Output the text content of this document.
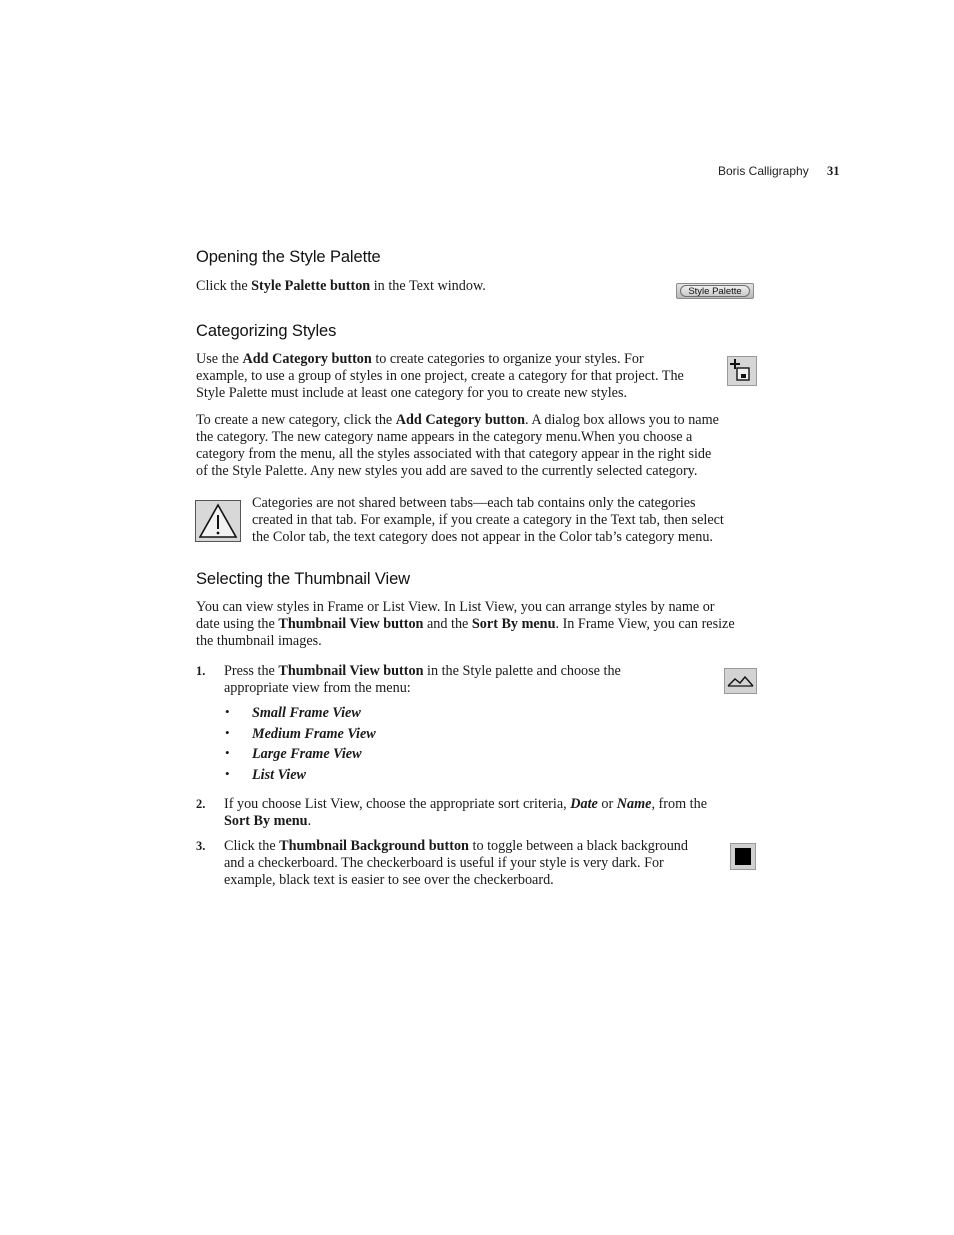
Boris Calligraphy 31
Opening the Style Palette
Click the Style Palette button in the Text window.	Style Palette
Categorizing Styles
Use the Add Category button to create categories to organize your styles. For
example, to use a group of styles in one project, create a category for that project. The
Style Palette must include at least one category for you to create new styles.
To create a new category, click the Add Category button. A dialog box allows you to name
the category. The new category name appears in the category menu.When you choose a
category from the menu, all the styles associated with that category appear in the right side
of the Style Palette. Any new styles you add are saved to the currently selected category.
Categories are not shared between tabs—each tab contains only the categories
created in that tab. For example, if you create a category in the Text tab, then select
the Color tab, the text category does not appear in the Color tab’s category menu.
Selecting the Thumbnail View
You can view styles in Frame or List View. In List View, you can arrange styles by name or
date using the Thumbnail View button and the Sort By menu. In Frame View, you can resize
the thumbnail images.
1. Press the Thumbnail View button in the Style palette and choose the
appropriate view from the menu:
• Small Frame View
• Medium Frame View
• Large Frame View
• List View
2. If you choose List View, choose the appropriate sort criteria, Date or Name, from the
Sort By menu.
3. Click the Thumbnail Background button to toggle between a black background
and a checkerboard. The checkerboard is useful if your style is very dark. For
example, black text is easier to see over the checkerboard.
